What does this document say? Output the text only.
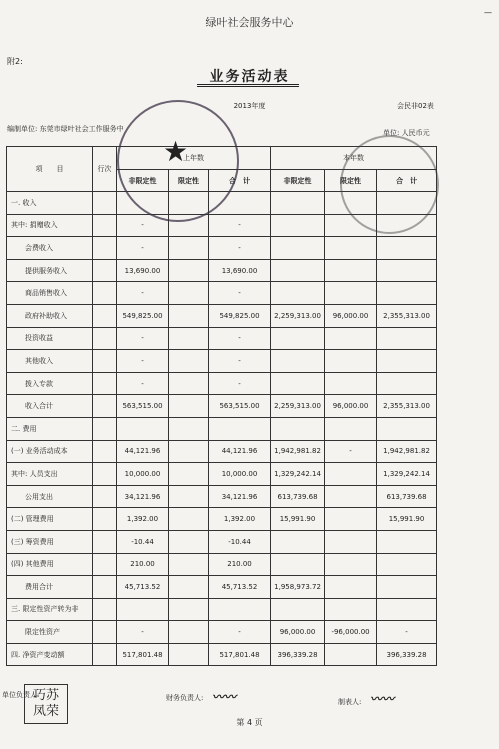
绿叶社会服务中心
—
附2:
业务活动表
2013年度	会民非02表
编制单位: 东莞市绿叶社会工作服务中	单位: 人民币元
项　　目	行次	上年数			本年数		
		非限定性	限定性	合　计	非限定性	限定性	合　计
一. 收入							
其中: 捐赠收入		-		-			
会费收入		-		-			
提供服务收入		13,690.00		13,690.00			
商品销售收入		-		-			
政府补助收入		549,825.00		549,825.00	2,259,313.00	96,000.00	2,355,313.00
投资收益		-		-			
其他收入		-		-			
拨入专款		-		-			
收入合计		563,515.00		563,515.00	2,259,313.00	96,000.00	2,355,313.00
二. 费用							
(一) 业务活动成本		44,121.96		44,121.96	1,942,981.82	-	1,942,981.82
其中: 人员支出		10,000.00		10,000.00	1,329,242.14		1,329,242.14
公用支出		34,121.96		34,121.96	613,739.68		613,739.68
(二) 管理费用		1,392.00		1,392.00	15,991.90		15,991.90
(三) 筹资费用		-10.44		-10.44			
(四) 其他费用		210.00		210.00			
费用合计		45,713.52		45,713.52	1,958,973.72		
三. 限定性资产转为非							
限定性资产		-		-	96,000.00	-96,000.00	-
四. 净资产变动额		517,801.48		517,801.48	396,339.28		396,339.28
★
单位负责人:
巧苏 凤荣
财务负责人: 〰〰	制表人: 〰〰
第 4 页
